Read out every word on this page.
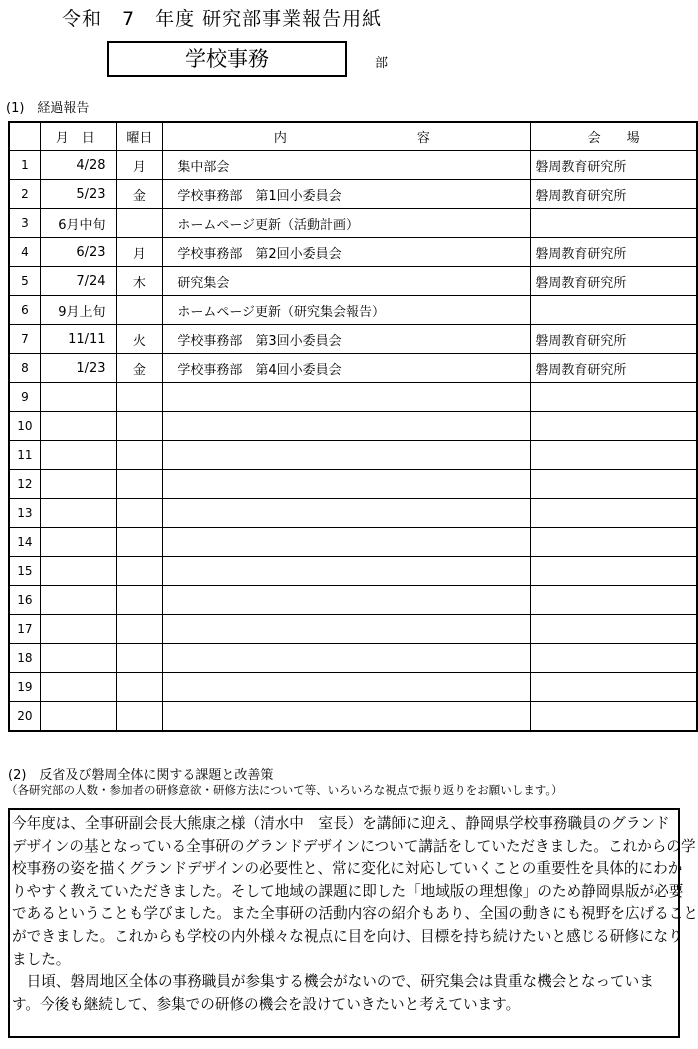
令和　7　年度 研究部事業報告用紙
学校事務	部
(1)　経過報告
	月　日	曜日	内　　　　　　　　　　容	会　　場
1	4/28	月	集中部会	磐周教育研究所
2	5/23	金	学校事務部　第1回小委員会	磐周教育研究所
3	6月中旬		ホームページ更新（活動計画）	
4	6/23	月	学校事務部　第2回小委員会	磐周教育研究所
5	7/24	木	研究集会	磐周教育研究所
6	9月上旬		ホームページ更新（研究集会報告）	
7	11/11	火	学校事務部　第3回小委員会	磐周教育研究所
8	1/23	金	学校事務部　第4回小委員会	磐周教育研究所
9				
10				
11				
12				
13				
14				
15				
16				
17				
18				
19				
20				
(2)　反省及び磐周全体に関する課題と改善策
（各研究部の人数・参加者の研修意欲・研修方法について等、いろいろな視点で振り返りをお願いします。）
今年度は、全事研副会長大熊康之様（清水中　室長）を講師に迎え、静岡県学校事務職員のグランド
デザインの基となっている全事研のグランドデザインについて講話をしていただきました。これからの学
校事務の姿を描くグランドデザインの必要性と、常に変化に対応していくことの重要性を具体的にわか
りやすく教えていただきました。そして地域の課題に即した「地域版の理想像」のため静岡県版が必要
であるということも学びました。また全事研の活動内容の紹介もあり、全国の動きにも視野を広げること
ができました。これからも学校の内外様々な視点に目を向け、目標を持ち続けたいと感じる研修になり
ました。
　日頃、磐周地区全体の事務職員が参集する機会がないので、研究集会は貴重な機会となっていま
す。今後も継続して、参集での研修の機会を設けていきたいと考えています。
